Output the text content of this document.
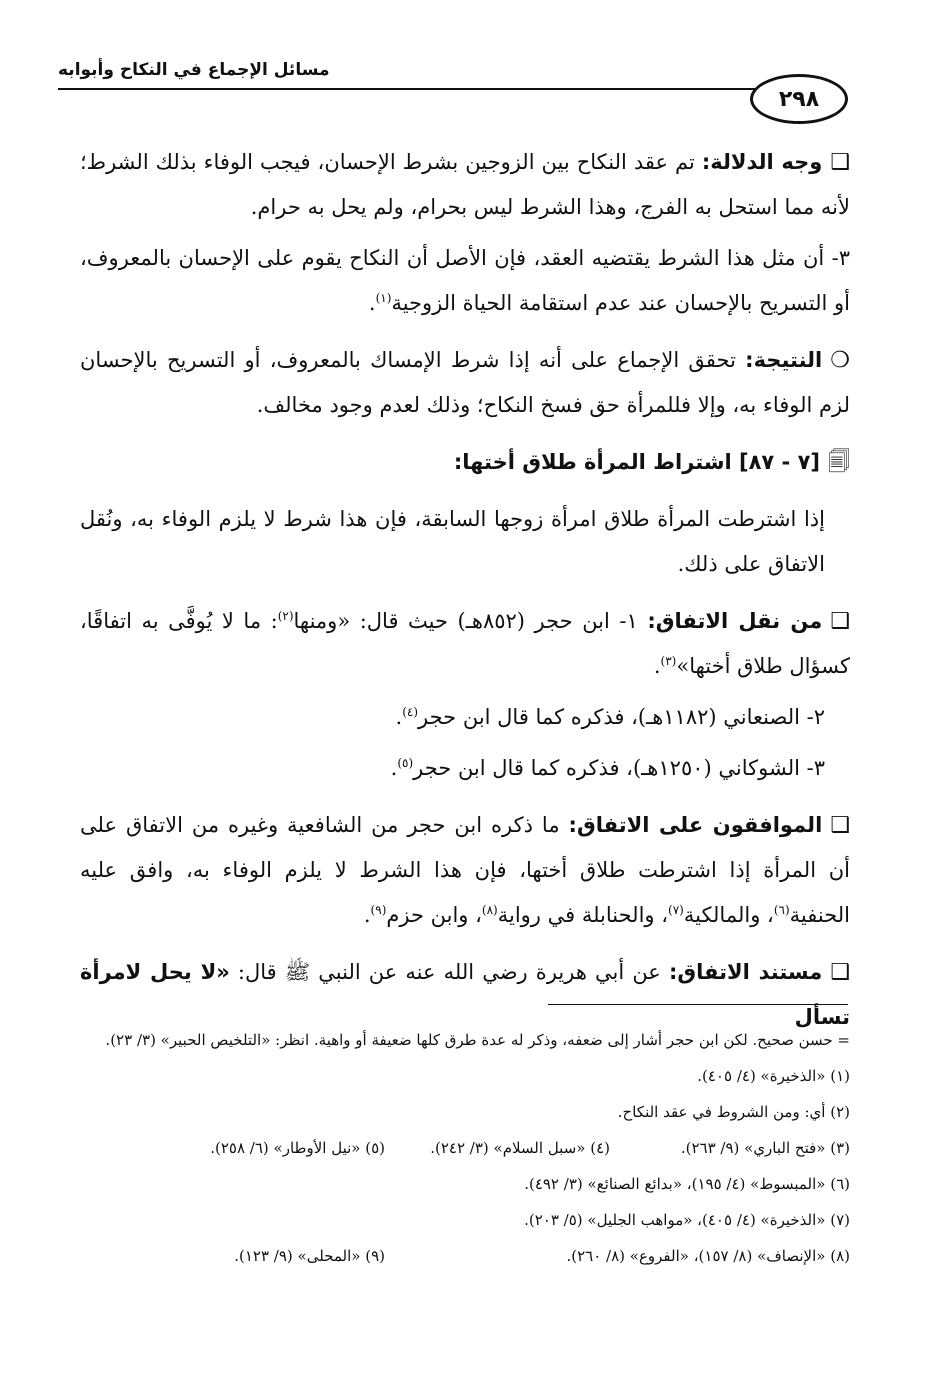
مسائل الإجماع في النكاح وأبوابه
٢٩٨

❑وجه الدلالة: تم عقد النكاح بين الزوجين بشرط الإحسان، فيجب الوفاء بذلك الشرط؛ لأنه مما استحل به الفرج، وهذا الشرط ليس بحرام، ولم يحل به حرام.

٣- أن مثل هذا الشرط يقتضيه العقد، فإن الأصل أن النكاح يقوم على الإحسان بالمعروف، أو التسريح بالإحسان عند عدم استقامة الحياة الزوجية$^{(١)}$.

❍النتيجة: تحقق الإجماع على أنه إذا شرط الإمساك بالمعروف، أو التسريح بالإحسان لزم الوفاء به، وإلا فللمرأة حق فسخ النكاح؛ وذلك لعدم وجود مخالف.

🗐[٧ - ٨٧] اشتراط المرأة طلاق أختها:

إذا اشترطت المرأة طلاق امرأة زوجها السابقة، فإن هذا شرط لا يلزم الوفاء به، ونُقل الاتفاق على ذلك.

❑من نقل الاتفاق: ١- ابن حجر (٨٥٢هـ) حيث قال: «ومنها$^{(٢)}$: ما لا يُوفَّى به اتفاقًا، كسؤال طلاق أختها»$^{(٣)}$.

٢- الصنعاني (١١٨٢هـ)، فذكره كما قال ابن حجر$^{(٤)}$.

٣- الشوكاني (١٢٥٠هـ)، فذكره كما قال ابن حجر$^{(٥)}$.

❑الموافقون على الاتفاق: ما ذكره ابن حجر من الشافعية وغيره من الاتفاق على أن المرأة إذا اشترطت طلاق أختها، فإن هذا الشرط لا يلزم الوفاء به، وافق عليه الحنفية$^{(٦)}$، والمالكية$^{(٧)}$، والحنابلة في رواية$^{(٨)}$، وابن حزم$^{(٩)}$.

❑مستند الاتفاق: عن أبي هريرة رضي الله عنه عن النبي ﷺ قال: «لا يحل لامرأة تسأل

= حسن صحيح. لكن ابن حجر أشار إلى ضعفه، وذكر له عدة طرق كلها ضعيفة أو واهية. انظر: «التلخيص الحبير» (٣/ ٢٣).

(١) «الذخيرة» (٤/ ٤٠٥).

(٢) أي: ومن الشروط في عقد النكاح.

(٣) «فتح الباري» (٩/ ٢٦٣).
(٤) «سبل السلام» (٣/ ٢٤٢).
(٥) «نيل الأوطار» (٦/ ٢٥٨).

(٦) «المبسوط» (٤/ ١٩٥)، «بدائع الصنائع» (٣/ ٤٩٢).

(٧) «الذخيرة» (٤/ ٤٠٥)، «مواهب الجليل» (٥/ ٢٠٣).

(٨) «الإنصاف» (٨/ ١٥٧)، «الفروع» (٨/ ٢٦٠).
(٩) «المحلى» (٩/ ١٢٣).
